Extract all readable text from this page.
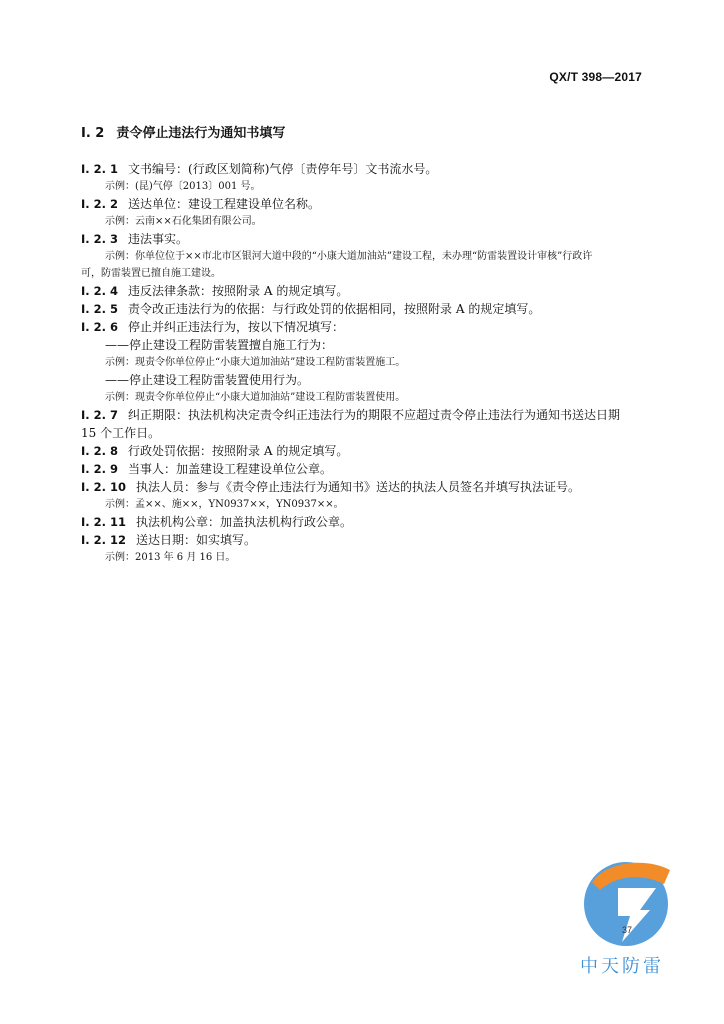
QX/T 398—2017
I. 2 责令停止违法行为通知书填写

I. 2. 1 文书编号：(行政区划简称)气停〔责停年号〕文书流水号。

示例：(昆)气停〔2013〕001 号。

I. 2. 2 送达单位：建设工程建设单位名称。

示例：云南××石化集团有限公司。

I. 2. 3 违法事实。

示例：你单位位于××市北市区银河大道中段的“小康大道加油站”建设工程，未办理“防雷装置设计审核”行政许

可，防雷装置已擅自施工建设。

I. 2. 4 违反法律条款：按照附录 A 的规定填写。

I. 2. 5 责令改正违法行为的依据：与行政处罚的依据相同，按照附录 A 的规定填写。

I. 2. 6 停止并纠正违法行为，按以下情况填写：

——停止建设工程防雷装置擅自施工行为：

示例：现责令你单位停止“小康大道加油站”建设工程防雷装置施工。

——停止建设工程防雷装置使用行为。

示例：现责令你单位停止“小康大道加油站”建设工程防雷装置使用。

I. 2. 7 纠正期限：执法机构决定责令纠正违法行为的期限不应超过责令停止违法行为通知书送达日期

15 个工作日。

I. 2. 8 行政处罚依据：按照附录 A 的规定填写。

I. 2. 9 当事人：加盖建设工程建设单位公章。

I. 2. 10 执法人员：参与《责令停止违法行为通知书》送达的执法人员签名并填写执法证号。

示例：孟××、施××，YN0937××，YN0937××。

I. 2. 11 执法机构公章：加盖执法机构行政公章。

I. 2. 12 送达日期：如实填写。

示例：2013 年 6 月 16 日。

37
中天防雷
